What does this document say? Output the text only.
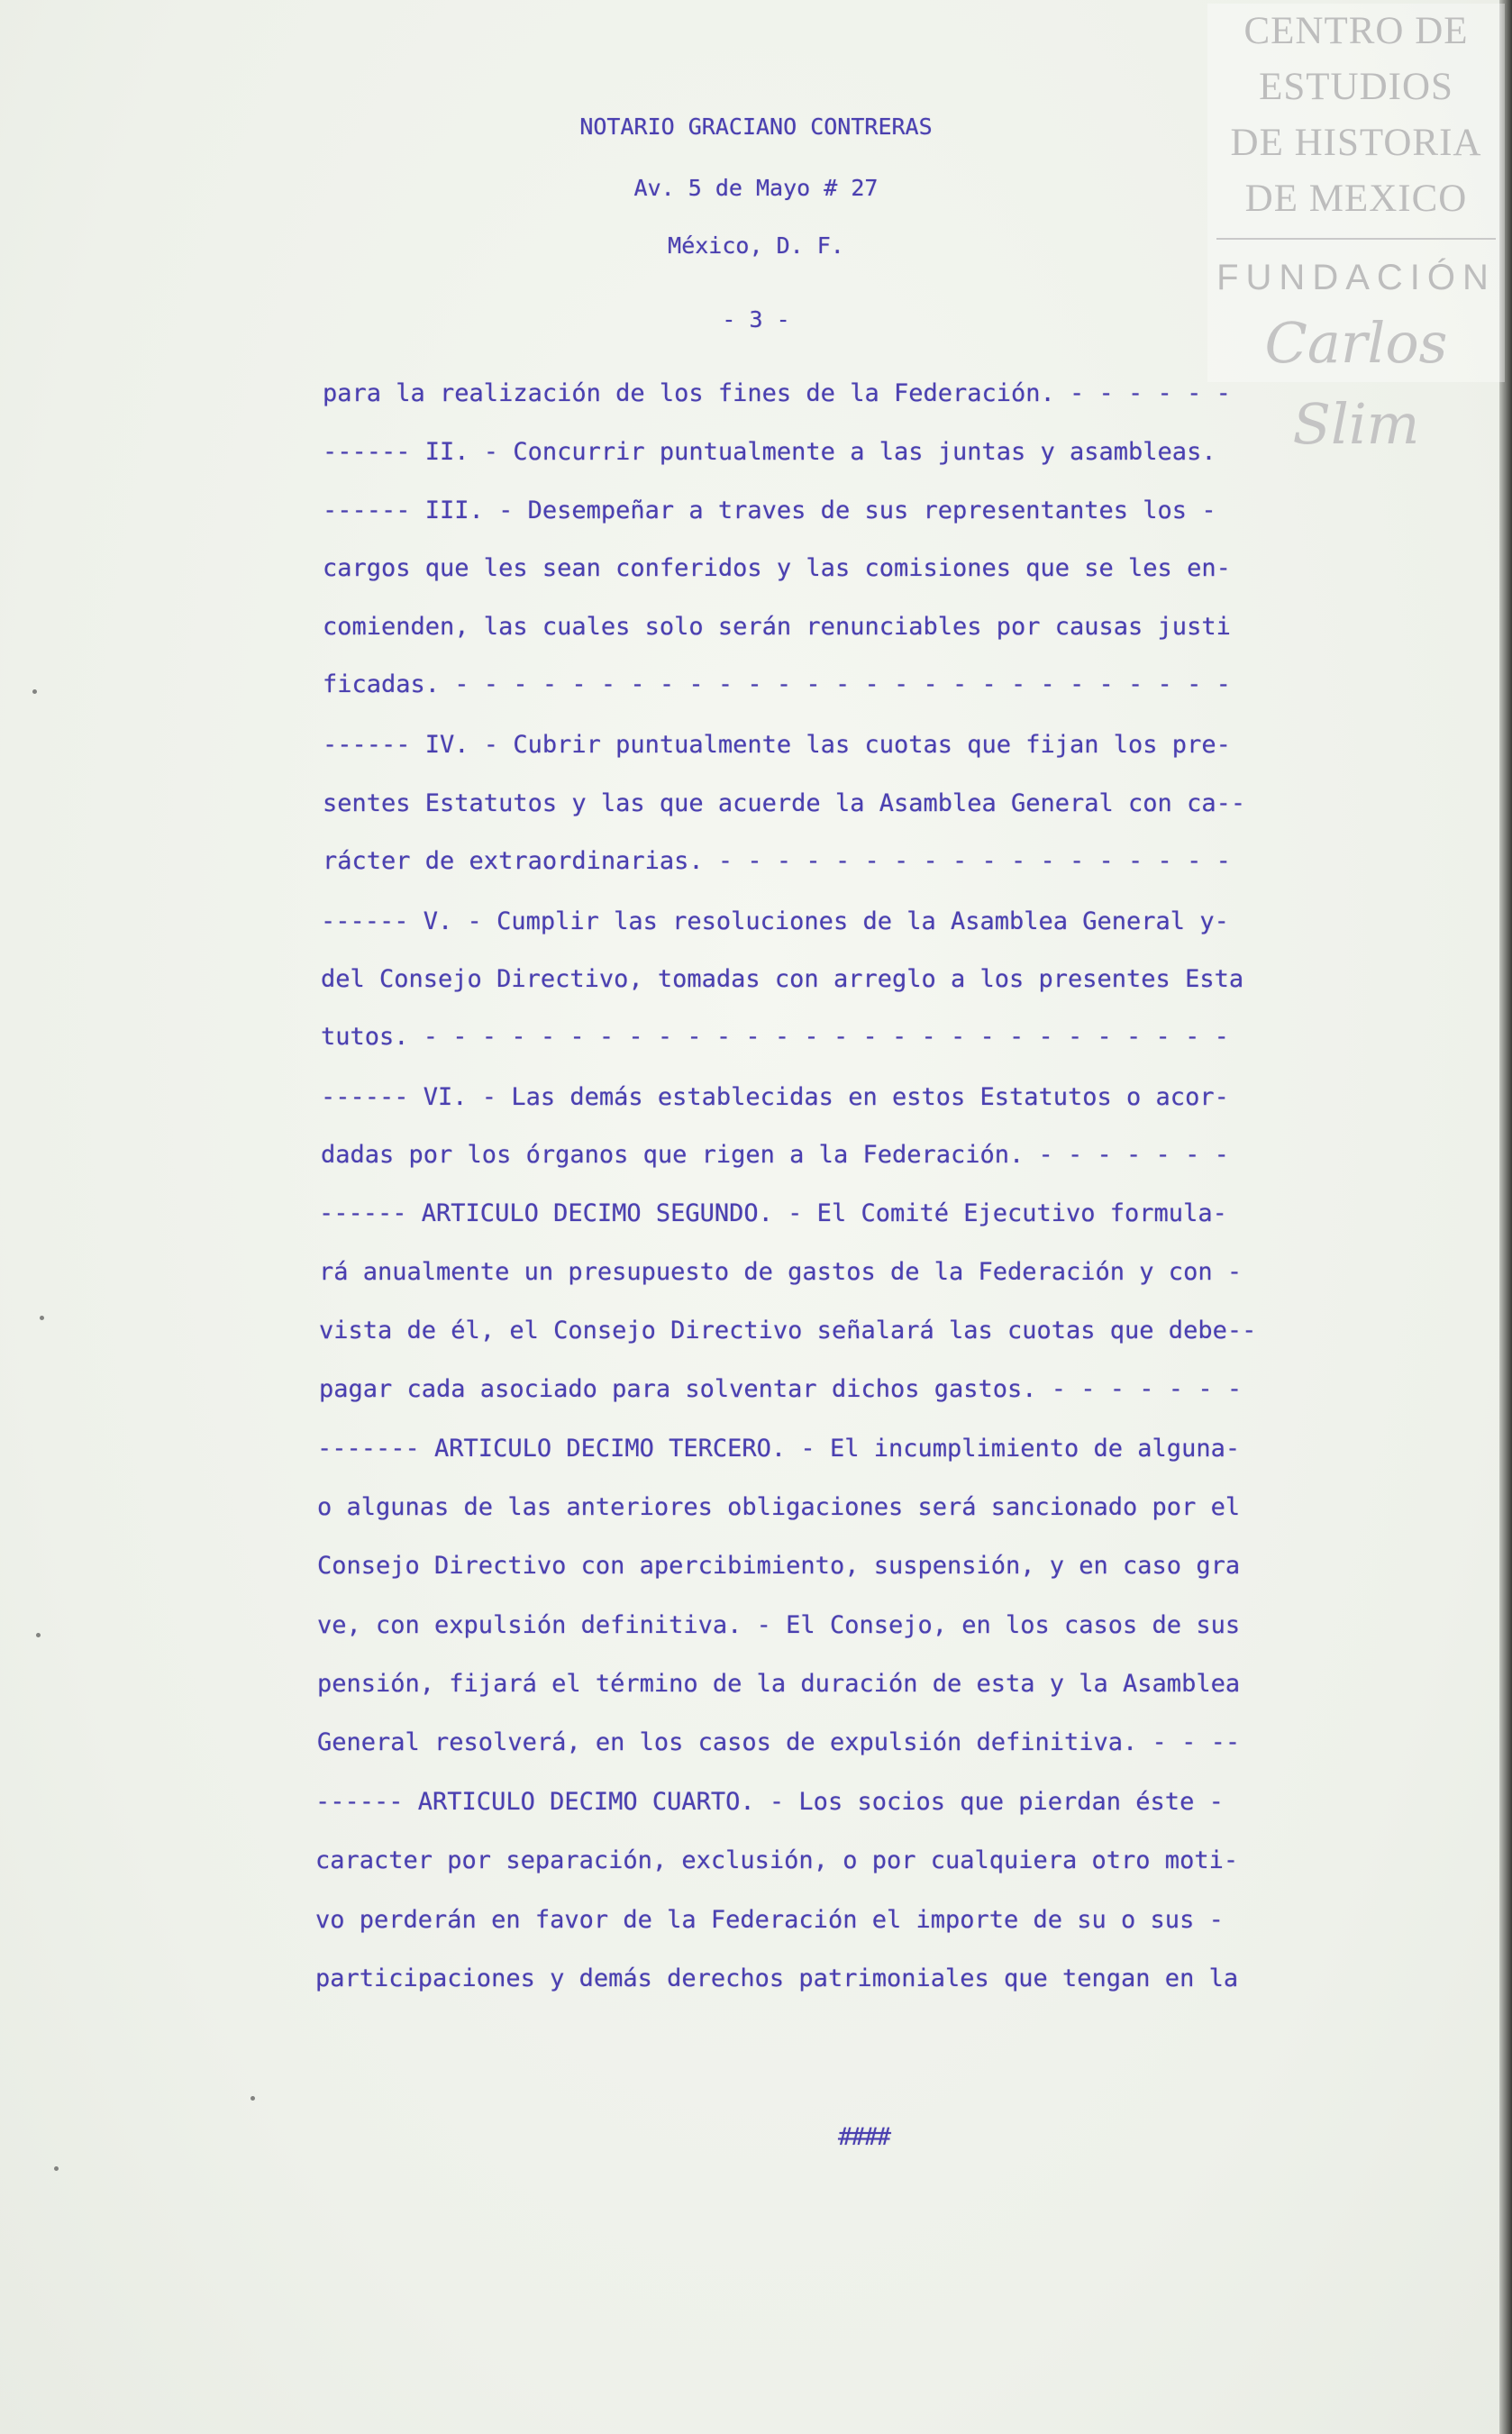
CENTRO DE
ESTUDIOS
DE HISTORIA
DE MEXICO
FUNDACIÓN
Carlos Slim
NOTARIO GRACIANO CONTRERAS
Av. 5 de Mayo # 27
México, D. F.
- 3 -
para la realización de los fines de la Federación. - - - - - -
------ II. - Concurrir puntualmente a las juntas y asambleas.
------ III. - Desempeñar a traves de sus representantes los -
cargos que les sean conferidos y las comisiones que se les en-
comienden, las cuales solo serán renunciables por causas justi
ficadas. - - - - - - - - - - - - - - - - - - - - - - - - - - -
------ IV. - Cubrir puntualmente las cuotas que fijan los pre-
sentes Estatutos y las que acuerde la Asamblea General con ca--
rácter de extraordinarias. - - - - - - - - - - - - - - - - - -
------ V. - Cumplir las resoluciones de la Asamblea General y-
del Consejo Directivo, tomadas con arreglo a los presentes Esta
tutos. - - - - - - - - - - - - - - - - - - - - - - - - - - - -
------ VI. - Las demás establecidas en estos Estatutos o acor-
dadas por los órganos que rigen a la Federación. - - - - - - -
------ ARTICULO DECIMO SEGUNDO. - El Comité Ejecutivo formula-
rá anualmente un presupuesto de gastos de la Federación y con -
vista de él, el Consejo Directivo señalará las cuotas que debe--
pagar cada asociado para solventar dichos gastos. - - - - - - -
------- ARTICULO DECIMO TERCERO. - El incumplimiento de alguna-
o algunas de las anteriores obligaciones será sancionado por el
Consejo Directivo con apercibimiento, suspensión, y en caso gra
ve, con expulsión definitiva. - El Consejo, en los casos de sus
pensión, fijará el término de la duración de esta y la Asamblea
General resolverá, en los casos de expulsión definitiva. - - --
------ ARTICULO DECIMO CUARTO. - Los socios que pierdan éste -
caracter por separación, exclusión, o por cualquiera otro moti-
vo perderán en favor de la Federación el importe de su o sus -
participaciones y demás derechos patrimoniales que tengan en la
####
